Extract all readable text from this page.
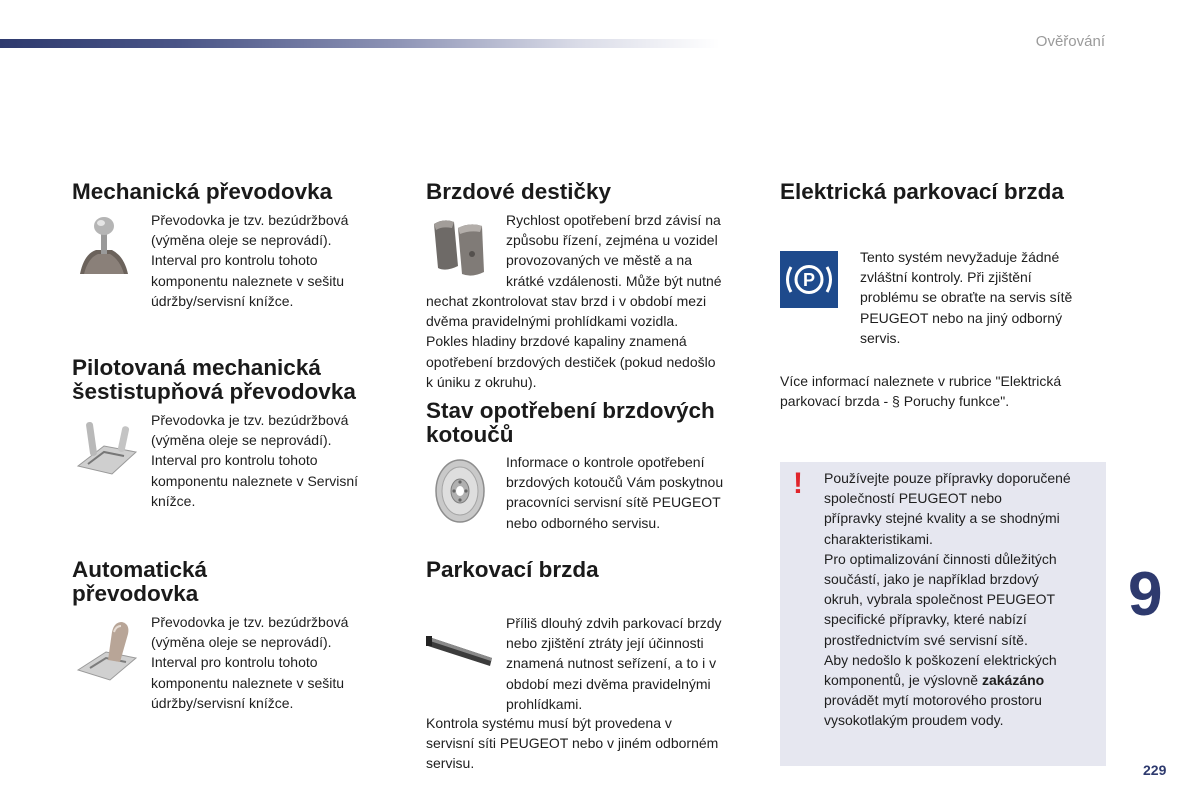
Ověřování
Mechanická převodovka

Převodovka je tzv. bezúdržbová

(výměna oleje se neprovádí).

Interval pro kontrolu tohoto

komponentu naleznete v sešitu

údržby/servisní knížce.

Pilotovaná mechanická
šestistupňová převodovka

Převodovka je tzv. bezúdržbová

(výměna oleje se neprovádí).

Interval pro kontrolu tohoto

komponentu naleznete v Servisní

knížce.

Automatická
převodovka

Převodovka je tzv. bezúdržbová

(výměna oleje se neprovádí).

Interval pro kontrolu tohoto

komponentu naleznete v sešitu

údržby/servisní knížce.

Brzdové destičky

Rychlost opotřebení brzd závisí na

způsobu řízení, zejména u vozidel

provozovaných ve městě a na

krátké vzdálenosti. Může být nutné

nechat zkontrolovat stav brzd i v období mezi

dvěma pravidelnými prohlídkami vozidla.

Pokles hladiny brzdové kapaliny znamená

opotřebení brzdových destiček (pokud nedošlo

k úniku z okruhu).

Stav opotřebení brzdových
kotoučů

Informace o kontrole opotřebení

brzdových kotoučů Vám poskytnou

pracovníci servisní sítě PEUGEOT

nebo odborného servisu.

Parkovací brzda

Příliš dlouhý zdvih parkovací brzdy

nebo zjištění ztráty její účinnosti

znamená nutnost seřízení, a to i v

období mezi dvěma pravidelnými

prohlídkami.

Kontrola systému musí být provedena v

servisní síti PEUGEOT nebo v jiném odborném

servisu.

Elektrická parkovací brzda
P

Tento systém nevyžaduje žádné

zvláštní kontroly. Při zjištění

problému se obraťte na servis sítě

PEUGEOT nebo na jiný odborný

servis.

Více informací naleznete v rubrice "Elektrická

parkovací brzda - § Poruchy funkce".

! Používejte pouze přípravky doporučené

společností PEUGEOT nebo

přípravky stejné kvality a se shodnými

charakteristikami.

Pro optimalizování činnosti důležitých

součástí, jako je například brzdový

okruh, vybrala společnost PEUGEOT

specifické přípravky, které nabízí

prostřednictvím své servisní sítě.

Aby nedošlo k poškození elektrických

komponentů, je výslovně zakázáno

provádět mytí motorového prostoru

vysokotlakým proudem vody.

9
229
